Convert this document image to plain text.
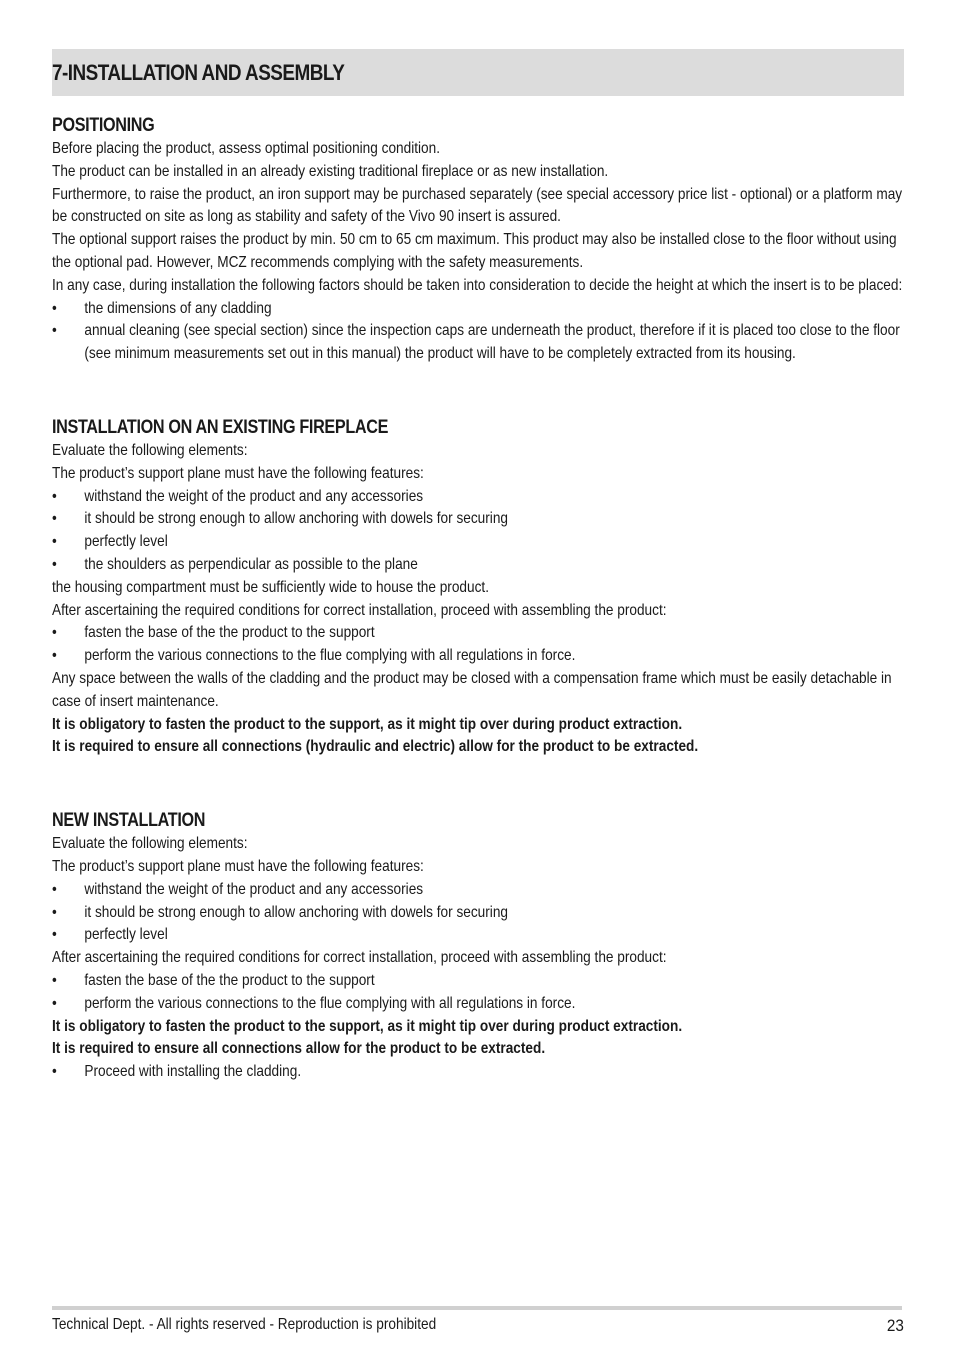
7-INSTALLATION AND ASSEMBLY
POSITIONING

Before placing the product, assess optimal positioning condition.

The product can be installed in an already existing traditional fireplace or as new installation.

Furthermore, to raise the product, an iron support may be purchased separately (see special accessory price list - optional) or a platform may be constructed on site as long as stability and safety of the Vivo 90 insert is assured.

The optional support raises the product by min. 50 cm to 65 cm maximum. This product may also be installed close to the floor without using the optional pad. However, MCZ recommends complying with the safety measurements.

In any case, during installation the following factors should be taken into consideration to decide the height at which the insert is to be placed:

• the dimensions of any cladding
• annual cleaning (see special section) since the inspection caps are underneath the product, therefore if it is placed too close to the floor (see minimum measurements set out in this manual) the product will have to be completely extracted from its housing.
INSTALLATION ON AN EXISTING FIREPLACE

Evaluate the following elements:

The product’s support plane must have the following features:

• withstand the weight of the product and any accessories
• it should be strong enough to allow anchoring with dowels for securing
• perfectly level
• the shoulders as perpendicular as possible to the plane

the housing compartment must be sufficiently wide to house the product.

After ascertaining the required conditions for correct installation, proceed with assembling the product:

• fasten the base of the the product to the support
• perform the various connections to the flue complying with all regulations in force.

Any space between the walls of the cladding and the product may be closed with a compensation frame which must be easily detachable in case of insert maintenance.

It is obligatory to fasten the product to the support, as it might tip over during product extraction.

It is required to ensure all connections (hydraulic and electric) allow for the product to be extracted.

NEW INSTALLATION

Evaluate the following elements:

The product’s support plane must have the following features:

• withstand the weight of the product and any accessories
• it should be strong enough to allow anchoring with dowels for securing
• perfectly level

After ascertaining the required conditions for correct installation, proceed with assembling the product:

• fasten the base of the the product to the support
• perform the various connections to the flue complying with all regulations in force.

It is obligatory to fasten the product to the support, as it might tip over during product extraction.

It is required to ensure all connections allow for the product to be extracted.

• Proceed with installing the cladding.
Technical Dept. - All rights reserved - Reproduction is prohibited	23
